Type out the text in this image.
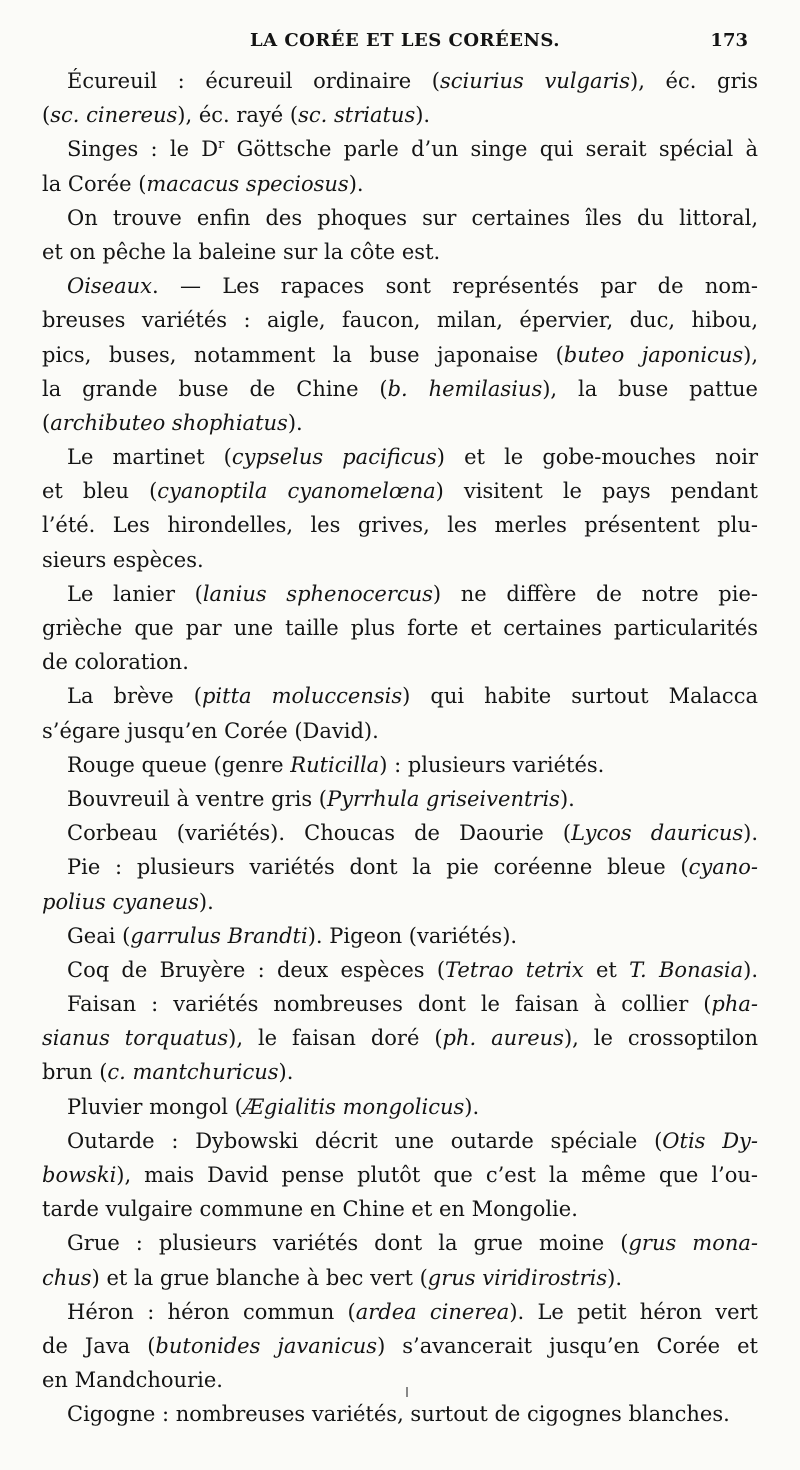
LA CORÉE ET LES CORÉENS.	173
Écureuil : écureuil ordinaire (sciurius vulgaris), éc. gris
(sc. cinereus), éc. rayé (sc. striatus).
Singes : le $D^r$ Göttsche parle d’un singe qui serait spécial à
la Corée (macacus speciosus).
On trouve enfin des phoques sur certaines îles du littoral,
et on pêche la baleine sur la côte est.
Oiseaux. — Les rapaces sont représentés par de nom-
breuses variétés : aigle, faucon, milan, épervier, duc, hibou,
pics, buses, notamment la buse japonaise (buteo japonicus),
la grande buse de Chine (b. hemilasius), la buse pattue
(archibuteo shophiatus).
Le martinet (cypselus pacificus) et le gobe-mouches noir
et bleu (cyanoptila cyanomelœna) visitent le pays pendant
l’été. Les hirondelles, les grives, les merles présentent plu-
sieurs espèces.
Le lanier (lanius sphenocercus) ne diffère de notre pie-
grièche que par une taille plus forte et certaines particularités
de coloration.
La brève (pitta moluccensis) qui habite surtout Malacca
s’égare jusqu’en Corée (David).
Rouge queue (genre Ruticilla) : plusieurs variétés.
Bouvreuil à ventre gris (Pyrrhula griseiventris).
Corbeau (variétés). Choucas de Daourie (Lycos dauricus).
Pie : plusieurs variétés dont la pie coréenne bleue (cyano-
polius cyaneus).
Geai (garrulus Brandti). Pigeon (variétés).
Coq de Bruyère : deux espèces (Tetrao tetrix et T. Bonasia).
Faisan : variétés nombreuses dont le faisan à collier (pha-
sianus torquatus), le faisan doré (ph. aureus), le crossoptilon
brun (c. mantchuricus).
Pluvier mongol (Ægialitis mongolicus).
Outarde : Dybowski décrit une outarde spéciale (Otis Dy-
bowski), mais David pense plutôt que c’est la même que l’ou-
tarde vulgaire commune en Chine et en Mongolie.
Grue : plusieurs variétés dont la grue moine (grus mona-
chus) et la grue blanche à bec vert (grus viridirostris).
Héron : héron commun (ardea cinerea). Le petit héron vert
de Java (butonides javanicus) s’avancerait jusqu’en Corée et
en Mandchourie.
Cigogne : nombreuses variétés, surtout de cigognes blanches.
